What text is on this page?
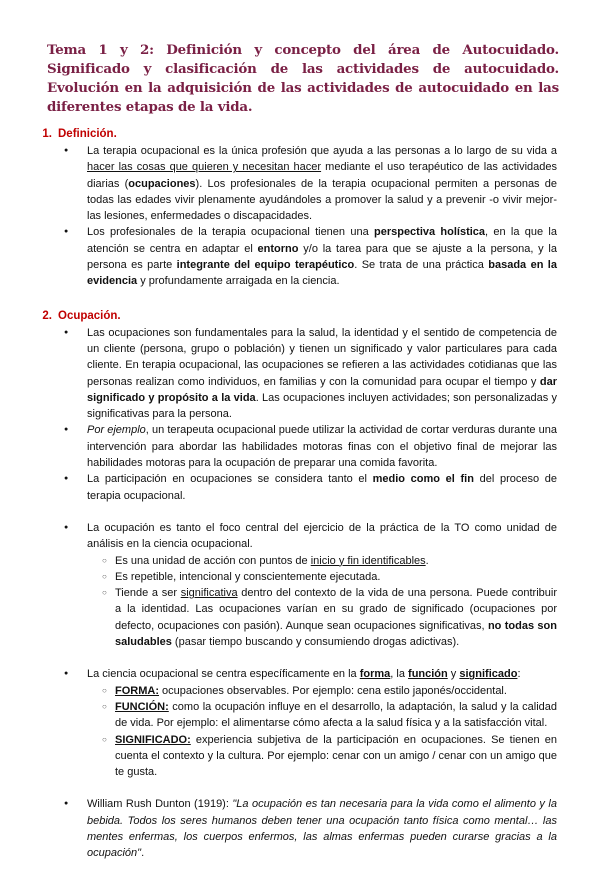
Tema 1 y 2: Definición y concepto del área de Autocuidado. Significado y clasificación de las actividades de autocuidado. Evolución en la adquisición de las actividades de autocuidado en las diferentes etapas de la vida.
1. Definición.
● La terapia ocupacional es la única profesión que ayuda a las personas a lo largo de su vida a hacer las cosas que quieren y necesitan hacer mediante el uso terapéutico de las actividades diarias (ocupaciones). Los profesionales de la terapia ocupacional permiten a personas de todas las edades vivir plenamente ayudándoles a promover la salud y a prevenir -o vivir mejor- las lesiones, enfermedades o discapacidades.
● Los profesionales de la terapia ocupacional tienen una perspectiva holística, en la que la atención se centra en adaptar el entorno y/o la tarea para que se ajuste a la persona, y la persona es parte integrante del equipo terapéutico. Se trata de una práctica basada en la evidencia y profundamente arraigada en la ciencia.
2. Ocupación.
● Las ocupaciones son fundamentales para la salud, la identidad y el sentido de competencia de un cliente (persona, grupo o población) y tienen un significado y valor particulares para cada cliente. En terapia ocupacional, las ocupaciones se refieren a las actividades cotidianas que las personas realizan como individuos, en familias y con la comunidad para ocupar el tiempo y dar significado y propósito a la vida. Las ocupaciones incluyen actividades; son personalizadas y significativas para la persona.
● Por ejemplo, un terapeuta ocupacional puede utilizar la actividad de cortar verduras durante una intervención para abordar las habilidades motoras finas con el objetivo final de mejorar las habilidades motoras para la ocupación de preparar una comida favorita.
● La participación en ocupaciones se considera tanto el medio como el fin del proceso de terapia ocupacional.
● La ocupación es tanto el foco central del ejercicio de la práctica de la TO como unidad de análisis en la ciencia ocupacional.
○ Es una unidad de acción con puntos de inicio y fin identificables.
○ Es repetible, intencional y conscientemente ejecutada.
○ Tiende a ser significativa dentro del contexto de la vida de una persona. Puede contribuir a la identidad. Las ocupaciones varían en su grado de significado (ocupaciones por defecto, ocupaciones con pasión). Aunque sean ocupaciones significativas, no todas son saludables (pasar tiempo buscando y consumiendo drogas adictivas).
● La ciencia ocupacional se centra específicamente en la forma, la función y significado:
○ FORMA: ocupaciones observables. Por ejemplo: cena estilo japonés/occidental.
○ FUNCIÓN: como la ocupación influye en el desarrollo, la adaptación, la salud y la calidad de vida. Por ejemplo: el alimentarse cómo afecta a la salud física y a la satisfacción vital.
○ SIGNIFICADO: experiencia subjetiva de la participación en ocupaciones. Se tienen en cuenta el contexto y la cultura. Por ejemplo: cenar con un amigo / cenar con un amigo que te gusta.
● William Rush Dunton (1919): "La ocupación es tan necesaria para la vida como el alimento y la bebida. Todos los seres humanos deben tener una ocupación tanto física como mental… las mentes enfermas, los cuerpos enfermos, las almas enfermas pueden curarse gracias a la ocupación".
